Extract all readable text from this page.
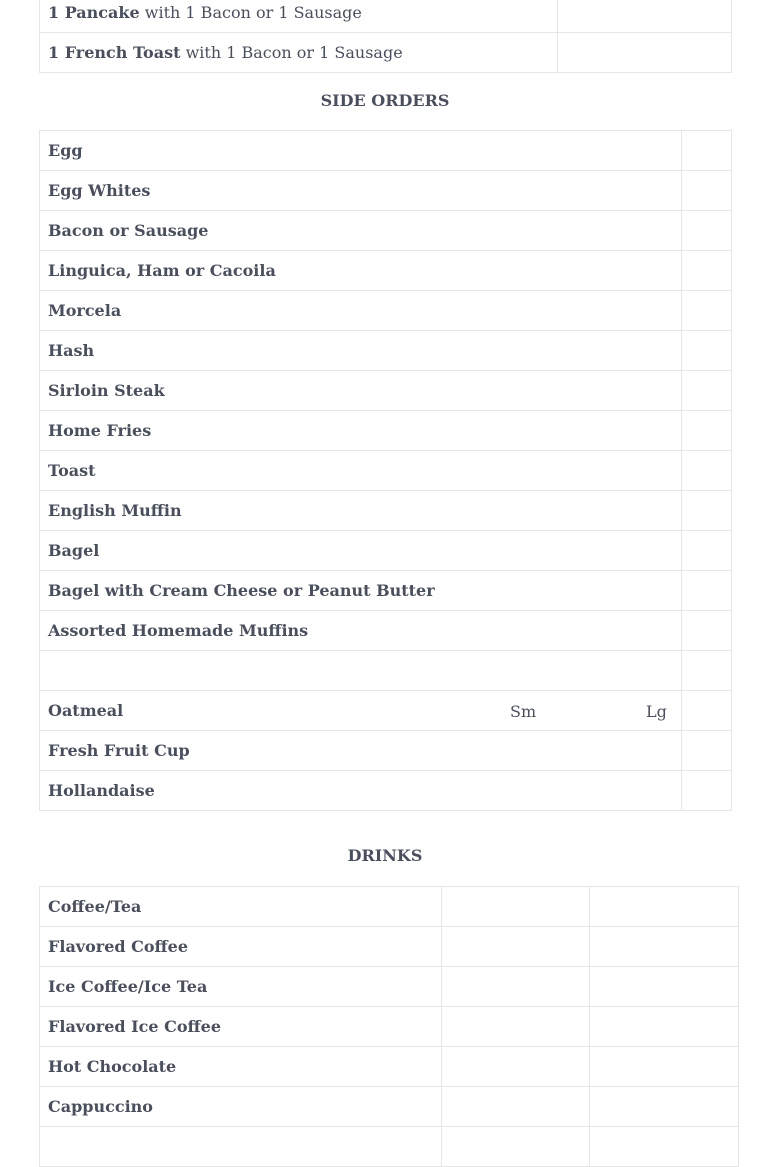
1 Pancake with 1 Bacon or 1 Sausage	
1 French Toast with 1 Bacon or 1 Sausage	
SIDE ORDERS
Egg	
Egg Whites	
Bacon or Sausage	
Linguica, Ham or Cacoila	
Morcela	
Hash	
Sirloin Steak	
Home Fries	
Toast	
English Muffin	
Bagel	
Bagel with Cream Cheese or Peanut Butter	
Assorted Homemade Muffins	

Oatmeal Sm Lg	

Fresh Fruit Cup	
Hollandaise	
DRINKS
Coffee/Tea		
Flavored Coffee		
Ice Coffee/Ice Tea		
Flavored Ice Coffee		
Hot Chocolate		
Cappuccino		
